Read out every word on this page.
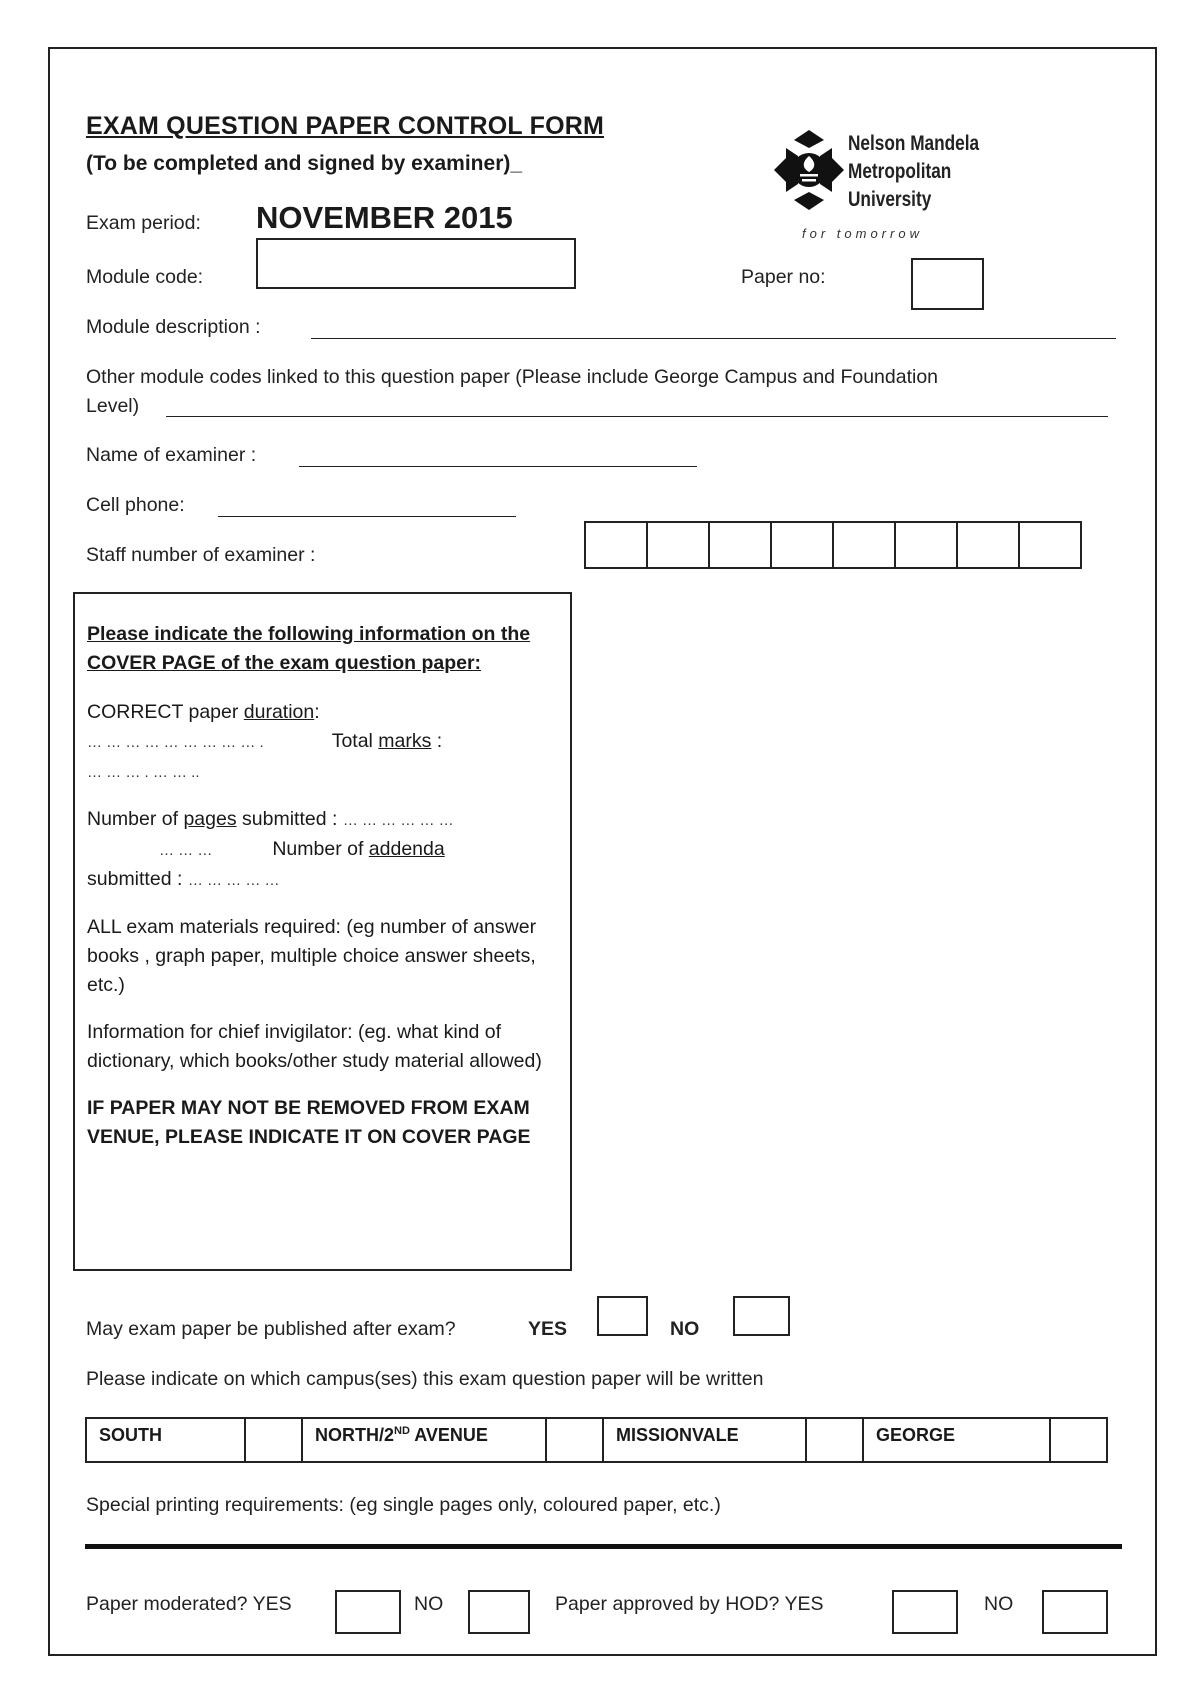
EXAM QUESTION PAPER CONTROL FORM
(To be completed and signed by examiner)_
Nelson Mandela
Metropolitan
University
for tomorrow
Exam period: NOVEMBER 2015
Module code:	Paper no:
Module description :
Other module codes linked to this question paper (Please include George Campus and Foundation
Level)
Name of examiner :
Cell phone:
Staff number of examiner :

Please indicate the following information on the COVER PAGE of the exam question paper:

CORRECT paper duration:

… … … … … … … … … .	Total marks :

… … … . … … ..

Number of pages submitted : … … … … … …

… … …	Number of addenda

submitted : … … … … …

ALL exam materials required: (eg number of answer books , graph paper, multiple choice answer sheets, etc.)

Information for chief invigilator: (eg. what kind of dictionary, which books/other study material allowed)

IF PAPER MAY NOT BE REMOVED FROM EXAM VENUE, PLEASE INDICATE IT ON COVER PAGE

May exam paper be published after exam?	YES	NO
Please indicate on which campus(ses) this exam question paper will be written
SOUTH	NORTH/2ND AVENUE	MISSIONVALE	GEORGE
Special printing requirements: (eg single pages only, coloured paper, etc.)
Paper moderated? YES	NO	Paper approved by HOD? YES	NO
